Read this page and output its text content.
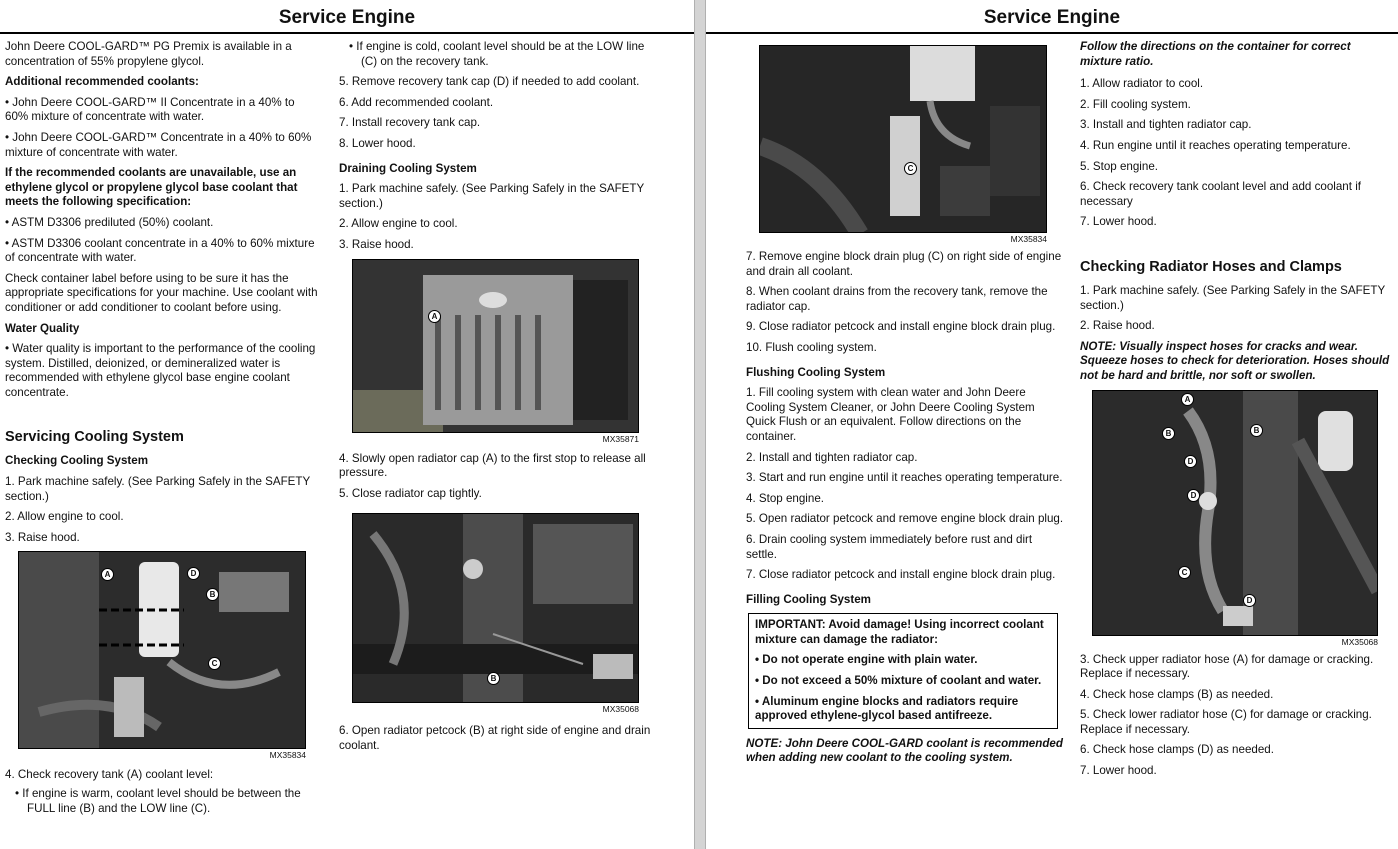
Service Engine

John Deere COOL-GARD™ PG Premix is available in a concentration of 55% propylene glycol.

Additional recommended coolants:

• John Deere COOL-GARD™ II Concentrate in a 40% to 60% mixture of concentrate with water.

• John Deere COOL-GARD™ Concentrate in a 40% to 60% mixture of concentrate with water.

If the recommended coolants are unavailable, use an ethylene glycol or propylene glycol base coolant that meets the following specification:

• ASTM D3306 prediluted (50%) coolant.

• ASTM D3306 coolant concentrate in a 40% to 60% mixture of concentrate with water.

Check container label before using to be sure it has the appropriate specifications for your machine. Use coolant with conditioner or add conditioner to coolant before using.

Water Quality

• Water quality is important to the performance of the cooling system. Distilled, deionized, or demineralized water is recommended with ethylene glycol base engine coolant concentrate.

Servicing Cooling System

Checking Cooling System

1. Park machine safely. (See Parking Safely in the SAFETY section.)

2. Allow engine to cool.

3. Raise hood.

A	D
B
C
MX35834

4. Check recovery tank (A) coolant level:

• If engine is warm, coolant level should be between the FULL line (B) and the LOW line (C).

• If engine is cold, coolant level should be at the LOW line (C) on the recovery tank.

5. Remove recovery tank cap (D) if needed to add coolant.

6. Add recommended coolant.

7. Install recovery tank cap.

8. Lower hood.

Draining Cooling System

1. Park machine safely. (See Parking Safely in the SAFETY section.)

2. Allow engine to cool.

3. Raise hood.

A
MX35871

4. Slowly open radiator cap (A) to the first stop to release all pressure.

5. Close radiator cap tightly.

B
MX35068

6. Open radiator petcock (B) at right side of engine and drain coolant.

Service Engine
C
MX35834

7. Remove engine block drain plug (C) on right side of engine and drain all coolant.

8. When coolant drains from the recovery tank, remove the radiator cap.

9. Close radiator petcock and install engine block drain plug.

10. Flush cooling system.

Flushing Cooling System

1. Fill cooling system with clean water and John Deere Cooling System Cleaner, or John Deere Cooling System Quick Flush or an equivalent. Follow directions on the container.

2. Install and tighten radiator cap.

3. Start and run engine until it reaches operating temperature.

4. Stop engine.

5. Open radiator petcock and remove engine block drain plug.

6. Drain cooling system immediately before rust and dirt settle.

7. Close radiator petcock and install engine block drain plug.

Filling Cooling System

IMPORTANT: Avoid damage! Using incorrect coolant mixture can damage the radiator:

• Do not operate engine with plain water.

• Do not exceed a 50% mixture of coolant and water.

• Aluminum engine blocks and radiators require approved ethylene-glycol based antifreeze.

NOTE: John Deere COOL-GARD coolant is recommended when adding new coolant to the cooling system.

Follow the directions on the container for correct mixture ratio.

1. Allow radiator to cool.

2. Fill cooling system.

3. Install and tighten radiator cap.

4. Run engine until it reaches operating temperature.

5. Stop engine.

6. Check recovery tank coolant level and add coolant if necessary

7. Lower hood.

Checking Radiator Hoses and Clamps

1. Park machine safely. (See Parking Safely in the SAFETY section.)

2. Raise hood.

NOTE: Visually inspect hoses for cracks and wear. Squeeze hoses to check for deterioration. Hoses should not be hard and brittle, nor soft or swollen.

A
B	B
D
D
C
D
MX35068

3. Check upper radiator hose (A) for damage or cracking. Replace if necessary.

4. Check hose clamps (B) as needed.

5. Check lower radiator hose (C) for damage or cracking. Replace if necessary.

6. Check hose clamps (D) as needed.

7. Lower hood.
